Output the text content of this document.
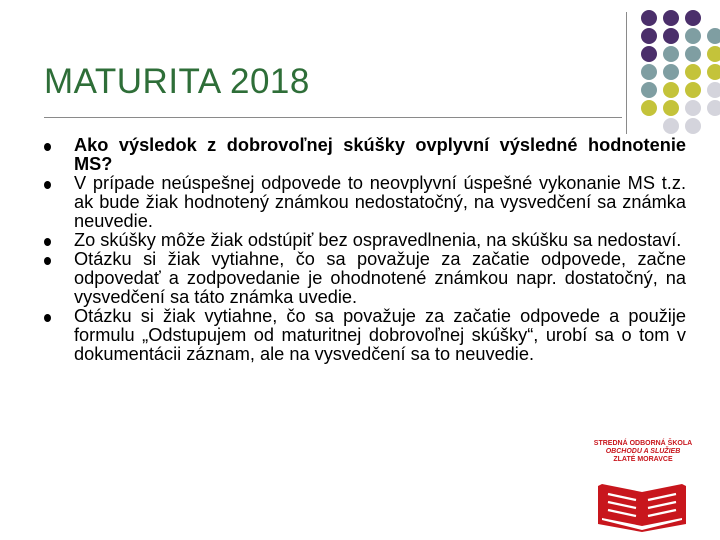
MATURITA 2018
Ako výsledok z dobrovoľnej skúšky ovplyvní výsledné hodnotenie MS?
V prípade neúspešnej odpovede to neovplyvní úspešné vykonanie MS t.z. ak bude žiak hodnotený známkou nedostatočný, na vysvedčení sa známka neuvedie.
Zo skúšky môže žiak odstúpiť bez ospravedlnenia, na skúšku sa nedostaví.
Otázku si žiak vytiahne, čo sa považuje za začatie odpovede, začne odpovedať a zodpovedanie je ohodnotené známkou napr. dostatočný, na vysvedčení sa táto známka uvedie.
Otázku si žiak vytiahne, čo sa považuje za začatie odpovede a použije formulu „Odstupujem od maturitnej dobrovoľnej skúšky“, urobí sa o tom v dokumentácii záznam, ale na vysvedčení sa to neuvedie.
STREDNÁ ODBORNÁ ŠKOLA
OBCHODU A SLUŽIEB
ZLATÉ MORAVCE
